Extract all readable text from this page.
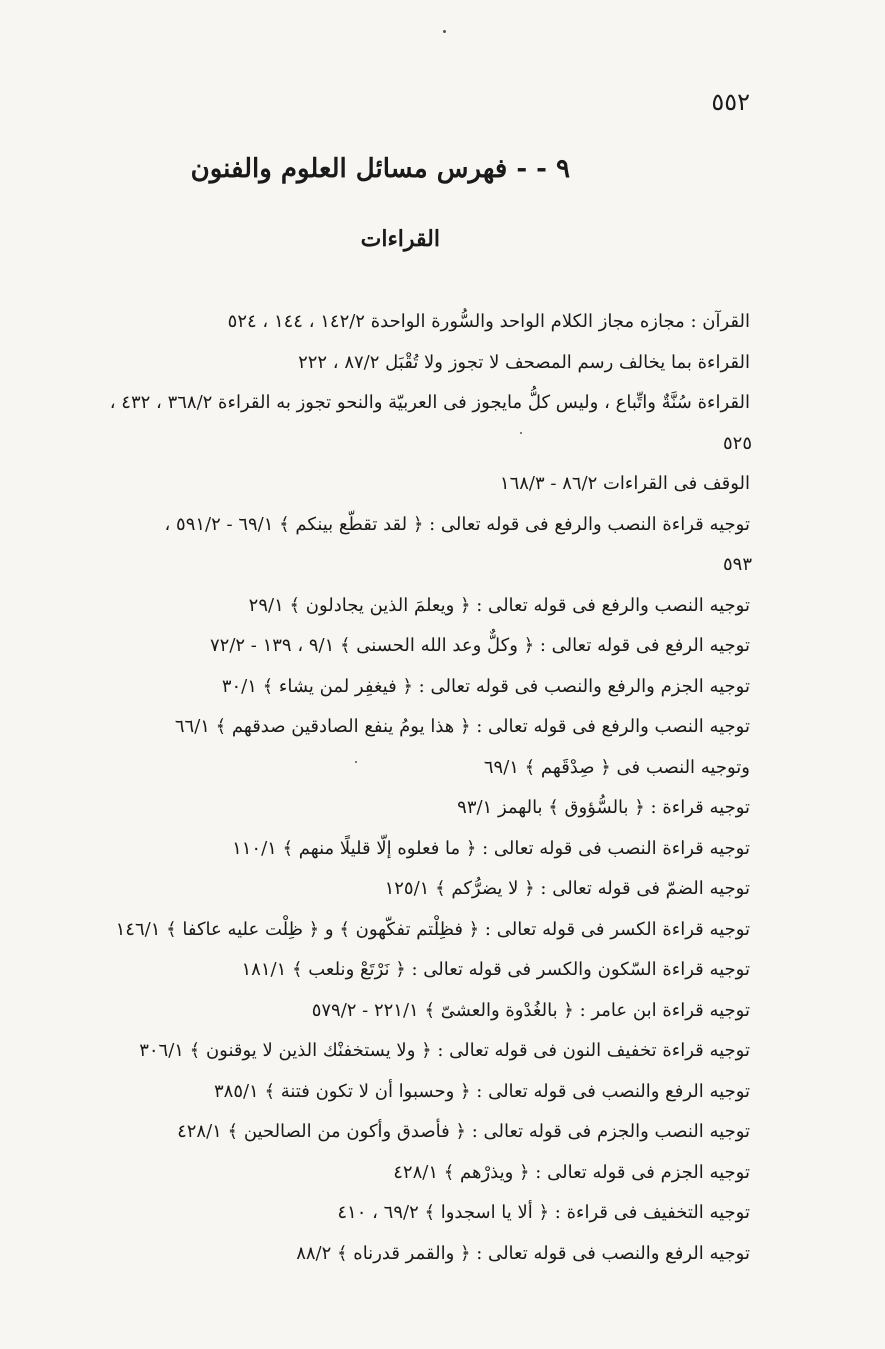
٥٥٢
٩ - - فهرس مسائل العلوم والفنون
القراءات
القرآن : مجازه مجاز الكلام الواحد والسُّورة الواحدة ١٤٢/٢ ، ١٤٤ ، ٥٢٤
القراءة بما يخالف رسم المصحف لا تجوز ولا تُقْبَل ٨٧/٢ ، ٢٢٢
القراءة سُنَّةٌ واتِّباع ، وليس كلُّ مايجوز فى العربيّة والنحو تجوز به القراءة ٣٦٨/٢ ، ٤٣٢ ،
٥٢٥
الوقف فى القراءات ٨٦/٢ - ١٦٨/٣
توجيه قراءة النصب والرفع فى قوله تعالى : ﴿ لقد تقطّع بينكم ﴾ ٦٩/١ - ٥٩١/٢ ،
٥٩٣
توجيه النصب والرفع فى قوله تعالى : ﴿ ويعلمَ الذين يجادلون ﴾ ٢٩/١
توجيه الرفع فى قوله تعالى : ﴿ وكلٌّ وعد الله الحسنى ﴾ ٩/١ ، ١٣٩ - ٧٢/٢
توجيه الجزم والرفع والنصب فى قوله تعالى : ﴿ فيغفِر لمن يشاء ﴾ ٣٠/١
توجيه النصب والرفع فى قوله تعالى : ﴿ هذا يومُ ينفع الصادقين صدقهم ﴾ ٦٦/١
وتوجيه النصب فى ﴿ صِدْقَهم ﴾ ٦٩/١
توجيه قراءة : ﴿ بالسُّؤوق ﴾ بالهمز ٩٣/١
توجيه قراءة النصب فى قوله تعالى : ﴿ ما فعلوه إلّا قليلًا منهم ﴾ ١١٠/١
توجيه الضمّ فى قوله تعالى : ﴿ لا يضرُّكم ﴾ ١٢٥/١
توجيه قراءة الكسر فى قوله تعالى : ﴿ فظِلْتم تفكّهون ﴾ و ﴿ ظِلْت عليه عاكفا ﴾ ١٤٦/١
توجيه قراءة السّكون والكسر فى قوله تعالى : ﴿ نَرْتَعْ ونلعب ﴾ ١٨١/١
توجيه قراءة ابن عامر : ﴿ بالغُدْوة والعشىّ ﴾ ٢٢١/١ - ٥٧٩/٢
توجيه قراءة تخفيف النون فى قوله تعالى : ﴿ ولا يستخفنْك الذين لا يوقنون ﴾ ٣٠٦/١
توجيه الرفع والنصب فى قوله تعالى : ﴿ وحسبوا أن لا تكون فتنة ﴾ ٣٨٥/١
توجيه النصب والجزم فى قوله تعالى : ﴿ فأصدق وأكون من الصالحين ﴾ ٤٢٨/١
توجيه الجزم فى قوله تعالى : ﴿ ويذرْهم ﴾ ٤٢٨/١
توجيه التخفيف فى قراءة : ﴿ ألا يا اسجدوا ﴾ ٦٩/٢ ، ٤١٠
توجيه الرفع والنصب فى قوله تعالى : ﴿ والقمر قدرناه ﴾ ٨٨/٢
